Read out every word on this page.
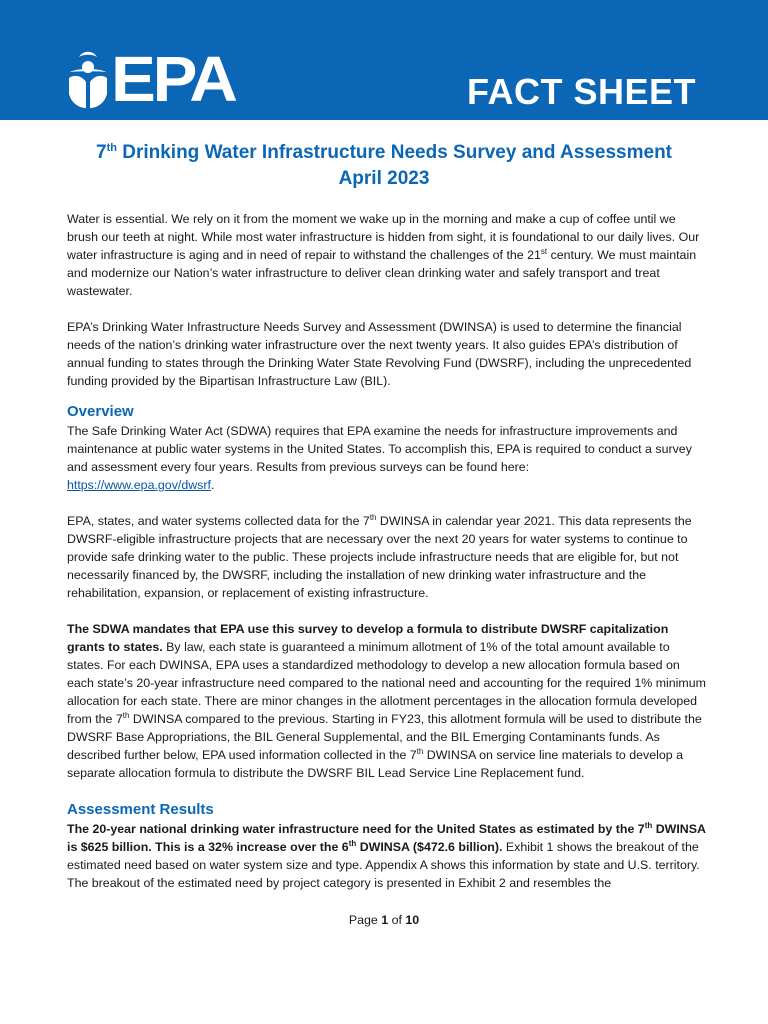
EPA	FACT SHEET
7th Drinking Water Infrastructure Needs Survey and Assessment
April 2023

Water is essential. We rely on it from the moment we wake up in the morning and make a cup of coffee until we brush our teeth at night. While most water infrastructure is hidden from sight, it is foundational to our daily lives. Our water infrastructure is aging and in need of repair to withstand the challenges of the 21st century. We must maintain and modernize our Nation’s water infrastructure to deliver clean drinking water and safely transport and treat wastewater.

EPA’s Drinking Water Infrastructure Needs Survey and Assessment (DWINSA) is used to determine the financial needs of the nation’s drinking water infrastructure over the next twenty years. It also guides EPA’s distribution of annual funding to states through the Drinking Water State Revolving Fund (DWSRF), including the unprecedented funding provided by the Bipartisan Infrastructure Law (BIL).

Overview

The Safe Drinking Water Act (SDWA) requires that EPA examine the needs for infrastructure improvements and maintenance at public water systems in the United States. To accomplish this, EPA is required to conduct a survey and assessment every four years. Results from previous surveys can be found here:
https://www.epa.gov/dwsrf.

EPA, states, and water systems collected data for the 7th DWINSA in calendar year 2021. This data represents the DWSRF-eligible infrastructure projects that are necessary over the next 20 years for water systems to continue to provide safe drinking water to the public. These projects include infrastructure needs that are eligible for, but not necessarily financed by, the DWSRF, including the installation of new drinking water infrastructure and the rehabilitation, expansion, or replacement of existing infrastructure.

The SDWA mandates that EPA use this survey to develop a formula to distribute DWSRF capitalization grants to states. By law, each state is guaranteed a minimum allotment of 1% of the total amount available to states. For each DWINSA, EPA uses a standardized methodology to develop a new allocation formula based on each state’s 20-year infrastructure need compared to the national need and accounting for the required 1% minimum allocation for each state. There are minor changes in the allotment percentages in the allocation formula developed from the 7th DWINSA compared to the previous. Starting in FY23, this allotment formula will be used to distribute the DWSRF Base Appropriations, the BIL General Supplemental, and the BIL Emerging Contaminants funds. As described further below, EPA used information collected in the 7th DWINSA on service line materials to develop a separate allocation formula to distribute the DWSRF BIL Lead Service Line Replacement fund.

Assessment Results

The 20-year national drinking water infrastructure need for the United States as estimated by the 7th DWINSA is $625 billion. This is a 32% increase over the 6th DWINSA ($472.6 billion). Exhibit 1 shows the breakout of the estimated need based on water system size and type. Appendix A shows this information by state and U.S. territory. The breakout of the estimated need by project category is presented in Exhibit 2 and resembles the

Page 1 of 10
